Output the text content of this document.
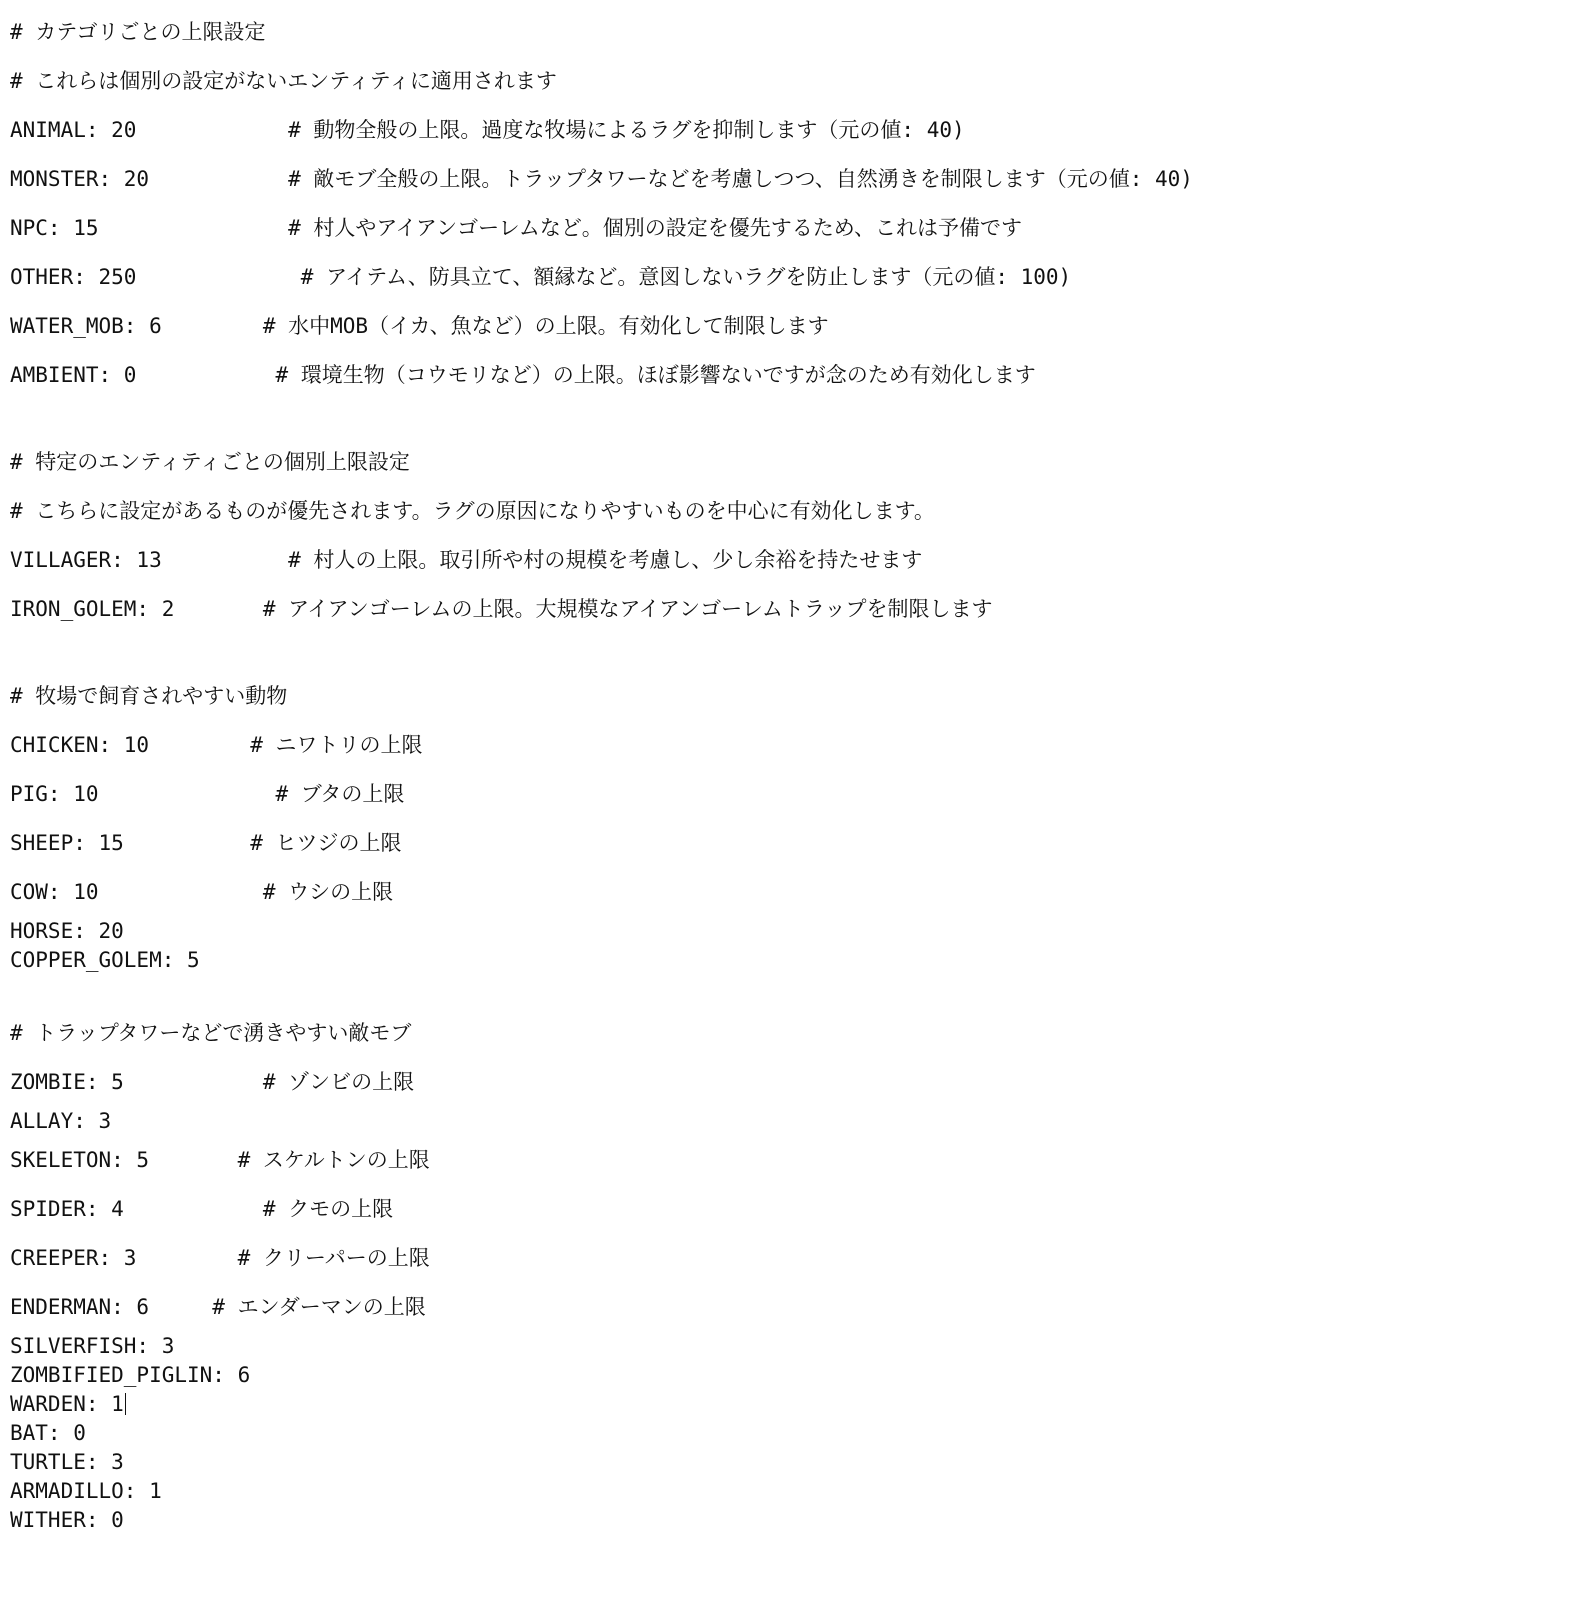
# カテゴリごとの上限設定
# これらは個別の設定がないエンティティに適用されます
ANIMAL: 20            # 動物全般の上限。過度な牧場によるラグを抑制します（元の値: 40)
MONSTER: 20           # 敵モブ全般の上限。トラップタワーなどを考慮しつつ、自然湧きを制限します（元の値: 40)
NPC: 15               # 村人やアイアンゴーレムなど。個別の設定を優先するため、これは予備です
OTHER: 250             # アイテム、防具立て、額縁など。意図しないラグを防止します（元の値: 100)
WATER_MOB: 6        # 水中MOB（イカ、魚など）の上限。有効化して制限します
AMBIENT: 0           # 環境生物（コウモリなど）の上限。ほぼ影響ないですが念のため有効化します
# 特定のエンティティごとの個別上限設定
# こちらに設定があるものが優先されます。ラグの原因になりやすいものを中心に有効化します。
VILLAGER: 13          # 村人の上限。取引所や村の規模を考慮し、少し余裕を持たせます
IRON_GOLEM: 2       # アイアンゴーレムの上限。大規模なアイアンゴーレムトラップを制限します
# 牧場で飼育されやすい動物
CHICKEN: 10        # ニワトリの上限
PIG: 10              # ブタの上限
SHEEP: 15          # ヒツジの上限
COW: 10             # ウシの上限
HORSE: 20
COPPER_GOLEM: 5
# トラップタワーなどで湧きやすい敵モブ
ZOMBIE: 5           # ゾンビの上限
ALLAY: 3
SKELETON: 5       # スケルトンの上限
SPIDER: 4           # クモの上限
CREEPER: 3        # クリーパーの上限
ENDERMAN: 6     # エンダーマンの上限
SILVERFISH: 3
ZOMBIFIED_PIGLIN: 6
WARDEN: 1
BAT: 0
TURTLE: 3
ARMADILLO: 1
WITHER: 0
